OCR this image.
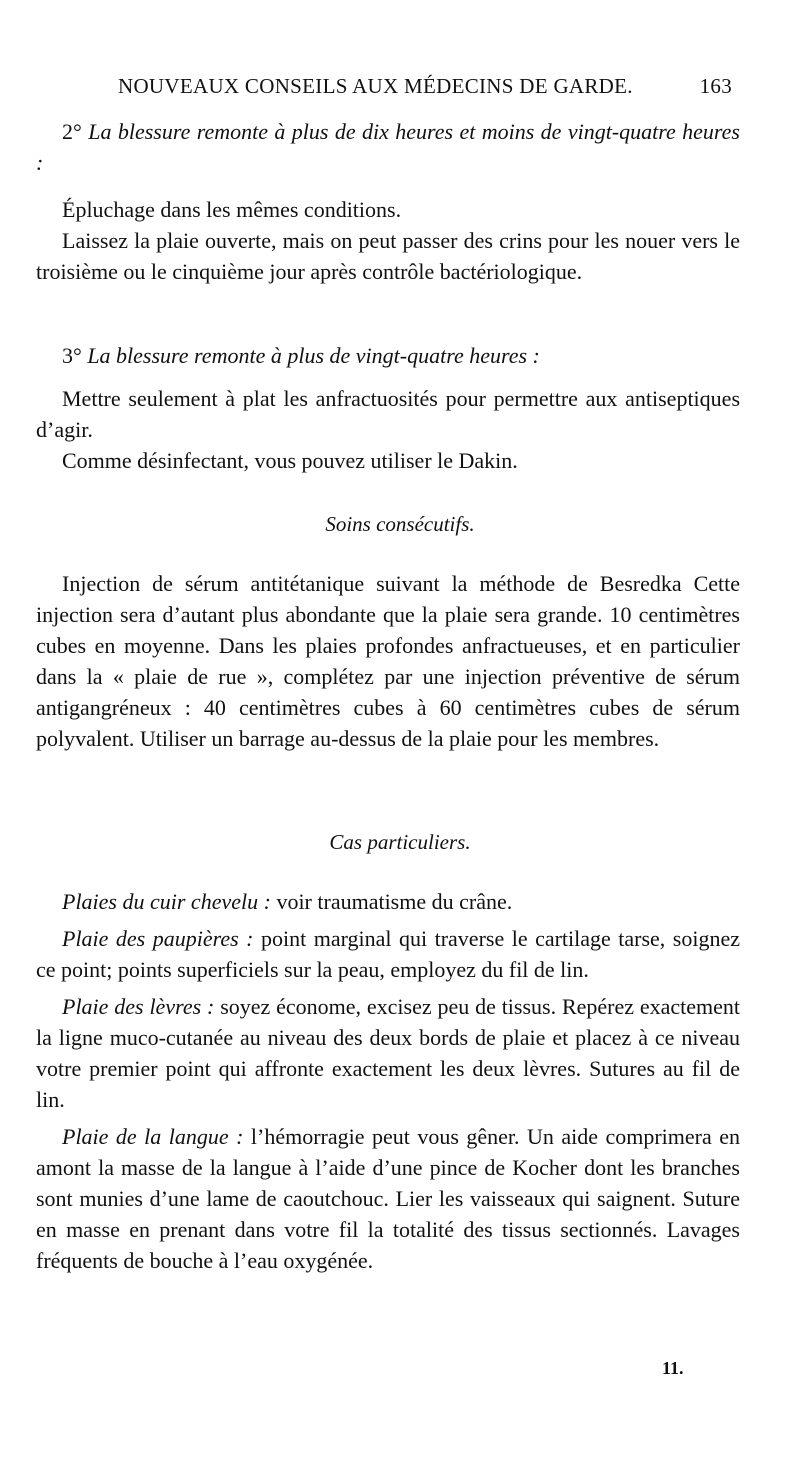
NOUVEAUX CONSEILS AUX MÉDECINS DE GARDE.	163

2° La blessure remonte à plus de dix heures et moins de vingt-quatre heures :

Épluchage dans les mêmes conditions.

Laissez la plaie ouverte, mais on peut passer des crins pour les nouer vers le troisième ou le cinquième jour après contrôle bactériologique.

3° La blessure remonte à plus de vingt-quatre heures :

Mettre seulement à plat les anfractuosités pour permettre aux antiseptiques d’agir.

Comme désinfectant, vous pouvez utiliser le Dakin.

Soins consécutifs.

Injection de sérum antitétanique suivant la méthode de Besredka Cette injection sera d’autant plus abondante que la plaie sera grande. 10 centimètres cubes en moyenne. Dans les plaies profondes anfractueuses, et en particulier dans la « plaie de rue », complétez par une injection préventive de sérum antigangréneux : 40 centimètres cubes à 60 centimètres cubes de sérum polyvalent. Utiliser un barrage au-dessus de la plaie pour les membres.

Cas particuliers.

Plaies du cuir chevelu : voir traumatisme du crâne.

Plaie des paupières : point marginal qui traverse le cartilage tarse, soignez ce point; points superficiels sur la peau, employez du fil de lin.

Plaie des lèvres : soyez économe, excisez peu de tissus. Repérez exactement la ligne muco-cutanée au niveau des deux bords de plaie et placez à ce niveau votre premier point qui affronte exactement les deux lèvres. Sutures au fil de lin.

Plaie de la langue : l’hémorragie peut vous gêner. Un aide comprimera en amont la masse de la langue à l’aide d’une pince de Kocher dont les branches sont munies d’une lame de caoutchouc. Lier les vaisseaux qui saignent. Suture en masse en prenant dans votre fil la totalité des tissus sectionnés. Lavages fréquents de bouche à l’eau oxygénée.

11.
